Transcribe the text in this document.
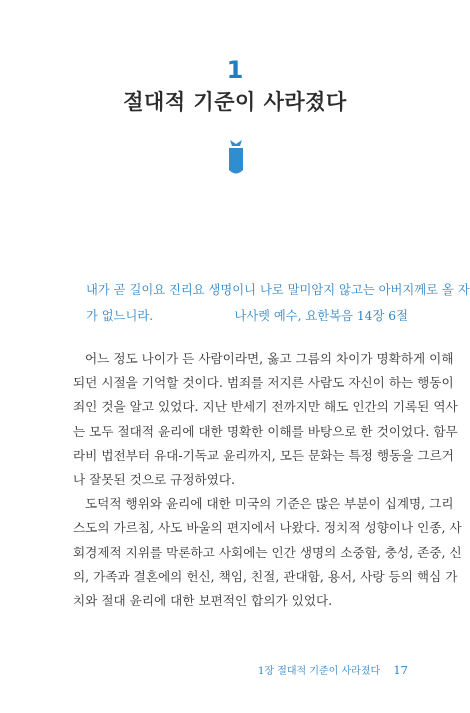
1
절대적 기준이 사라졌다
내가 곧 길이요 진리요 생명이니 나로 말미암지 않고는 아버지께로 올 자
가 없느니라.	나사렛 예수, 요한복음 14장 6절
어느 정도 나이가 든 사람이라면, 옳고 그름의 차이가 명확하게 이해
되던 시절을 기억할 것이다. 범죄를 저지른 사람도 자신이 하는 행동이
죄인 것을 알고 있었다. 지난 반세기 전까지만 해도 인간의 기록된 역사
는 모두 절대적 윤리에 대한 명확한 이해를 바탕으로 한 것이었다. 함무
라비 법전부터 유대-기독교 윤리까지, 모든 문화는 특정 행동을 그르거
나 잘못된 것으로 규정하였다.
도덕적 행위와 윤리에 대한 미국의 기준은 많은 부분이 십계명, 그리
스도의 가르침, 사도 바울의 편지에서 나왔다. 정치적 성향이나 인종, 사
회경제적 지위를 막론하고 사회에는 인간 생명의 소중함, 충성, 존중, 신
의, 가족과 결혼에의 헌신, 책임, 친절, 관대함, 용서, 사랑 등의 핵심 가
치와 절대 윤리에 대한 보편적인 합의가 있었다.
1장 절대적 기준이 사라졌다 17
